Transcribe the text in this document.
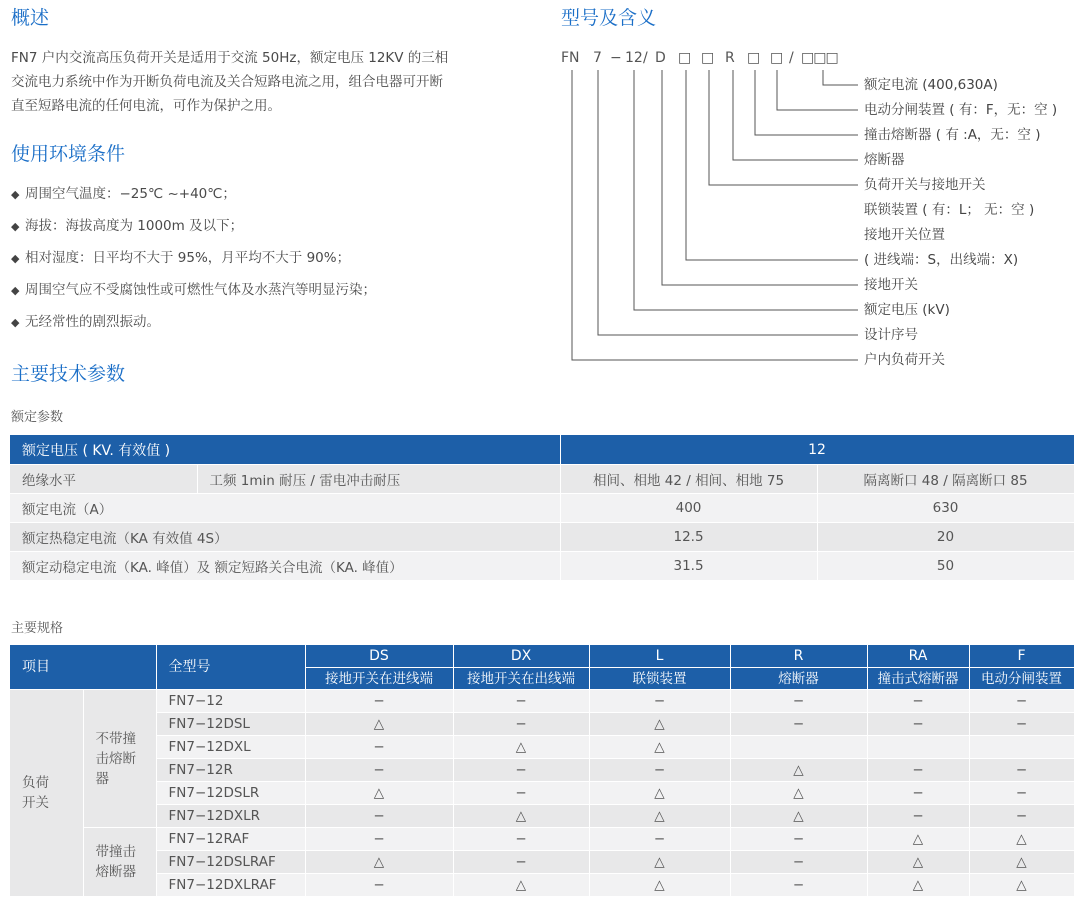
概述
FN7 户内交流高压负荷开关是适用于交流 50Hz，额定电压 12KV 的三相
交流电力系统中作为开断负荷电流及关合短路电流之用，组合电器可开断
直至短路电流的任何电流，可作为保护之用。
使用环境条件
◆ 周围空气温度：−25℃ ~+40℃；
◆ 海拔：海拔高度为 1000m 及以下；
◆ 相对湿度：日平均不大于 95%，月平均不大于 90%；
◆ 周围空气应不受腐蚀性或可燃性气体及水蒸汽等明显污染；
◆ 无经常性的剧烈振动。
型号及含义
FN 7 − 12 / D □ □ R □ □ / □□□
额定电流 (400,630A)
电动分闸装置 ( 有：F，无：空 )
撞击熔断器 ( 有 :A，无：空 )
熔断器
负荷开关与接地开关
联锁装置 ( 有：L； 无：空 )
接地开关位置
( 进线端：S，出线端：X)
接地开关
额定电压 (kV)
设计序号
户内负荷开关
主要技术参数
额定参数
额定电压 ( KV. 有效值 )		12	
绝缘水平	工频 1min 耐压 / 雷电冲击耐压	相间、相地 42 / 相间、相地 75	隔离断口 48 / 隔离断口 85
额定电流（A）		400	630
额定热稳定电流（KA 有效值 4S）		12.5	20
额定动稳定电流（KA. 峰值）及 额定短路关合电流（KA. 峰值）		31.5	50
主要规格
项目		全型号	DS	DX	L	R	RA	F
			接地开关在进线端	接地开关在出线端	联锁装置	熔断器	撞击式熔断器	电动分闸装置

负荷开关	不带撞击熔断器	FN7−12	−	−	−	−	−	−
		FN7−12DSL	△	−	△	−	−	−
		FN7−12DXL	−	△	△			
		FN7−12R	−	−	−	△	−	−
		FN7−12DSLR	△	−	△	△	−	−
		FN7−12DXLR	−	△	△	△	−	−

	带撞击熔断器	FN7−12RAF	−	−	−	−	△	△
		FN7−12DSLRAF	△	−	△	−	△	△
		FN7−12DXLRAF	−	△	△	−	△	△
